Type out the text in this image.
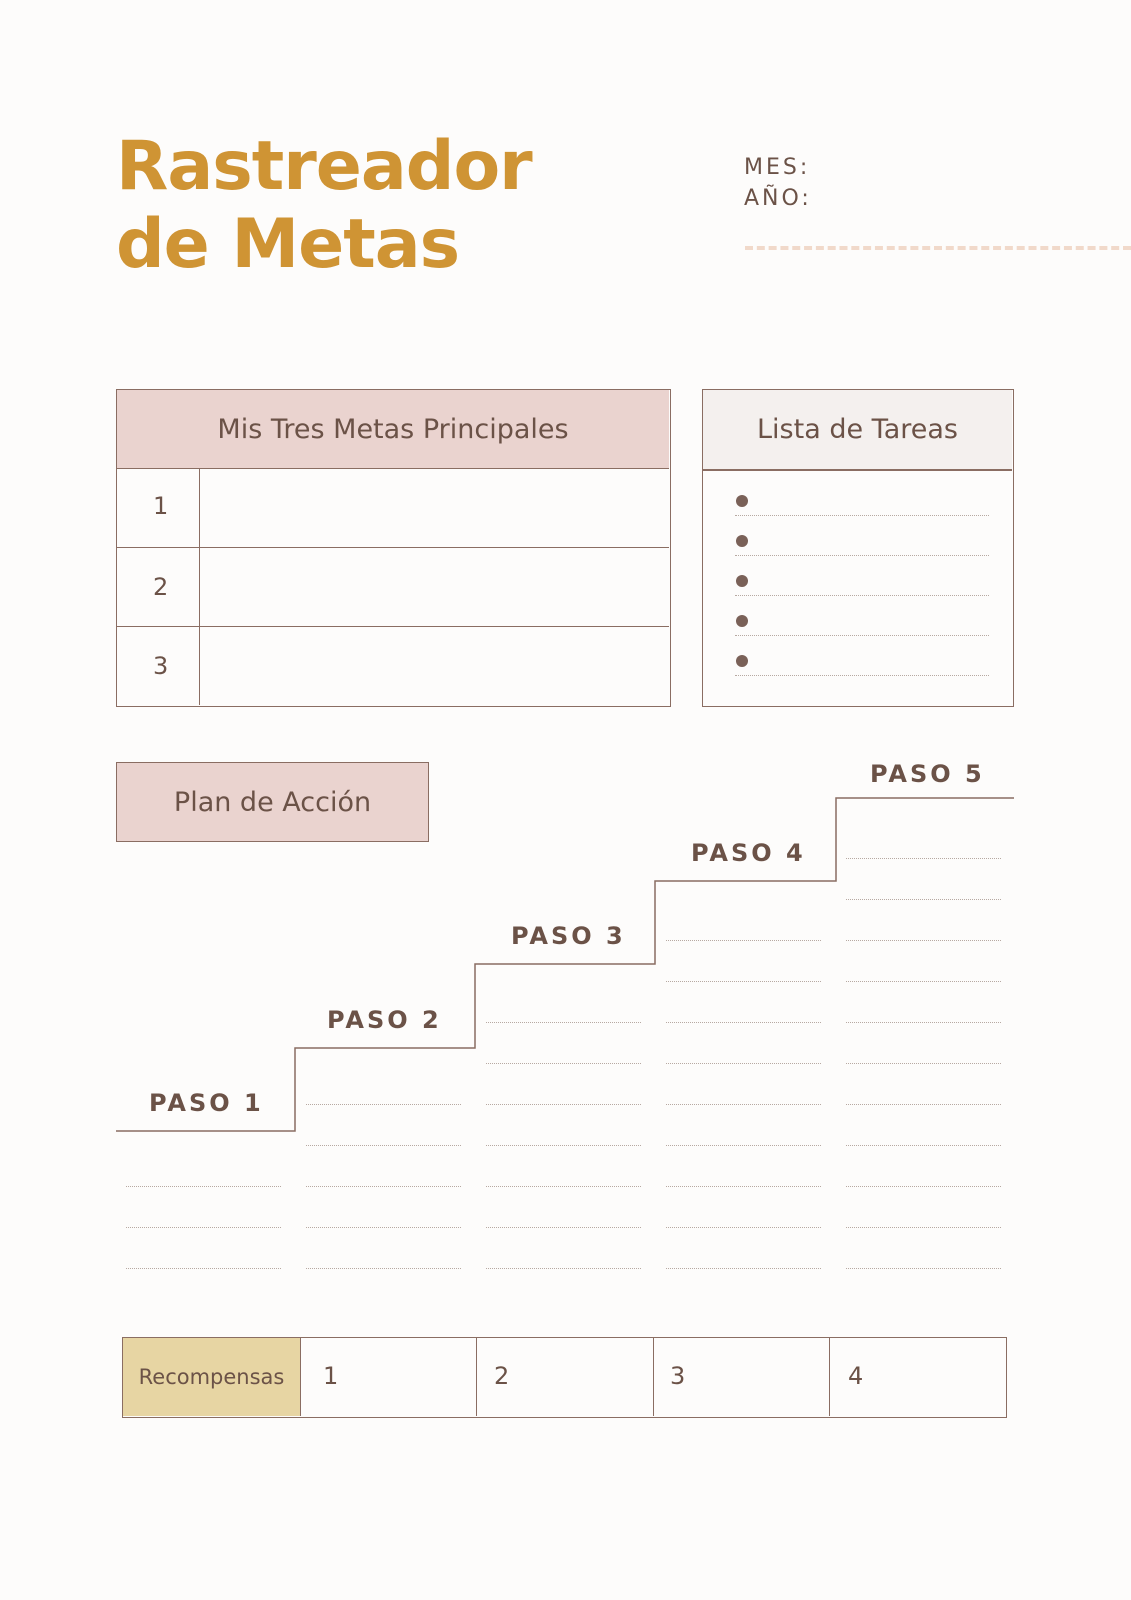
Rastreador
de Metas
MES:
AÑO:
Mis Tres Metas Principales
1
2
3
Lista de Tareas
Plan de Acción
PASO 1
PASO 2
PASO 3
PASO 4
PASO 5
Recompensas	1	2	3	4
